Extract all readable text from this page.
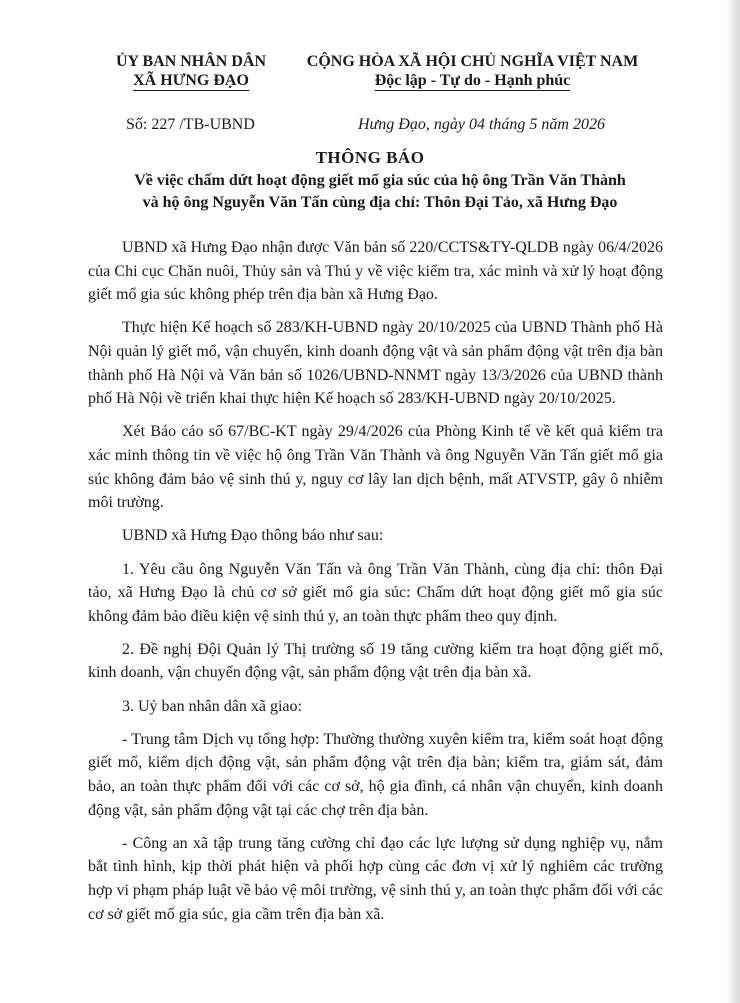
ỦY BAN NHÂN DÂN
XÃ HƯNG ĐẠO
CỘNG HÒA XÃ HỘI CHỦ NGHĨA VIỆT NAM
Độc lập - Tự do - Hạnh phúc
Số: 227 /TB-UBND	Hưng Đạo, ngày 04 tháng 5 năm 2026
THÔNG BÁO
Về việc chấm dứt hoạt động giết mổ gia súc của hộ ông Trần Văn Thành
và hộ ông Nguyễn Văn Tấn cùng địa chỉ: Thôn Đại Tảo, xã Hưng Đạo

UBND xã Hưng Đạo nhận được Văn bản số 220/CCTS&TY-QLDB ngày 06/4/2026 của Chi cục Chăn nuôi, Thủy sản và Thú y về việc kiểm tra, xác minh và xử lý hoạt động giết mổ gia súc không phép trên địa bàn xã Hưng Đạo.

Thực hiện Kế hoạch số 283/KH-UBND ngày 20/10/2025 của UBND Thành phố Hà Nội quản lý giết mổ, vận chuyển, kinh doanh động vật và sản phẩm động vật trên địa bàn thành phố Hà Nội và Văn bản số 1026/UBND-NNMT ngày 13/3/2026 của UBND thành phố Hà Nội về triển khai thực hiện Kế hoạch số 283/KH-UBND ngày 20/10/2025.

Xét Báo cáo số 67/BC-KT ngày 29/4/2026 của Phòng Kinh tế về kết quả kiểm tra xác minh thông tin về việc hộ ông Trần Văn Thành và ông Nguyễn Văn Tấn giết mổ gia súc không đảm bảo vệ sinh thú y, nguy cơ lây lan dịch bệnh, mất ATVSTP, gây ô nhiễm môi trường.

UBND xã Hưng Đạo thông báo như sau:

1. Yêu cầu ông Nguyễn Văn Tấn và ông Trần Văn Thành, cùng địa chỉ: thôn Đại tảo, xã Hưng Đạo là chủ cơ sở giết mổ gia súc: Chấm dứt hoạt động giết mổ gia súc không đảm bảo điều kiện vệ sinh thú y, an toàn thực phẩm theo quy định.

2. Đề nghị Đội Quản lý Thị trường số 19 tăng cường kiểm tra hoạt động giết mổ, kinh doanh, vận chuyển động vật, sản phẩm động vật trên địa bàn xã.

3. Uỷ ban nhân dân xã giao:

- Trung tâm Dịch vụ tổng hợp: Thường thường xuyên kiểm tra, kiểm soát hoạt động giết mổ, kiểm dịch động vật, sản phẩm động vật trên địa bàn; kiểm tra, giám sát, đảm bảo, an toàn thực phẩm đối với các cơ sở, hộ gia đình, cá nhân vận chuyển, kinh doanh động vật, sản phẩm động vật tại các chợ trên địa bàn.

- Công an xã tập trung tăng cường chỉ đạo các lực lượng sử dụng nghiệp vụ, nắm bắt tình hình, kịp thời phát hiện và phối hợp cùng các đơn vị xử lý nghiêm các trường hợp vi phạm pháp luật về bảo vệ môi trường, vệ sinh thú y, an toàn thực phẩm đối với các cơ sở giết mổ gia súc, gia cầm trên địa bàn xã.
